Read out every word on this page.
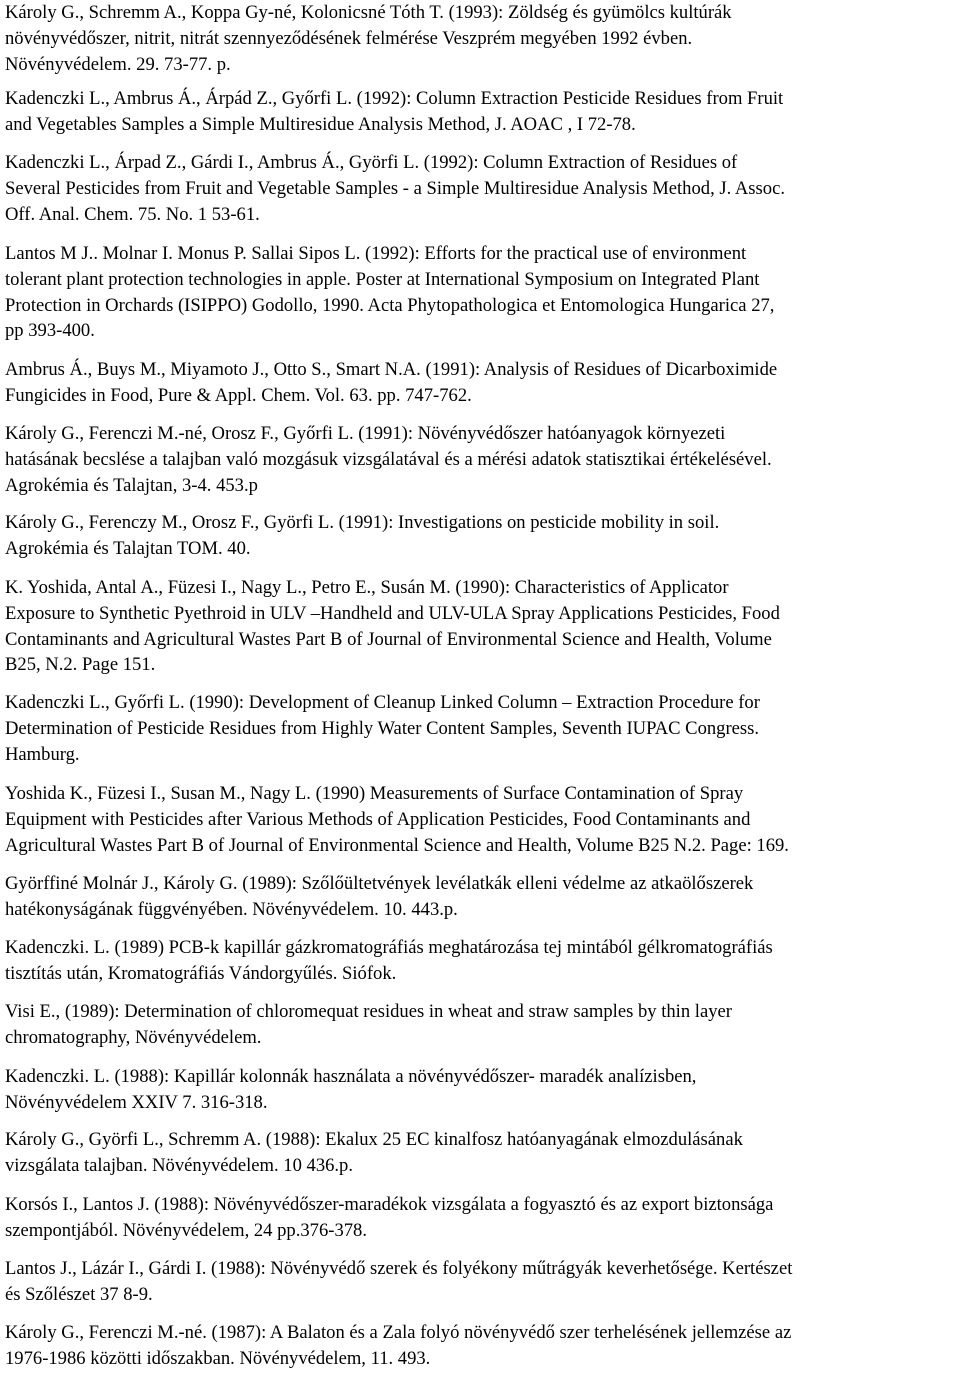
Károly G., Schremm A., Koppa Gy-né, Kolonicsné Tóth T. (1993): Zöldség és gyümölcs kultúrák
növényvédőszer, nitrit, nitrát szennyeződésének felmérése Veszprém megyében 1992 évben.
Növényvédelem. 29. 73-77. p.
Kadenczki L., Ambrus Á., Árpád Z., Győrfi L. (1992): Column Extraction Pesticide Residues from Fruit
and Vegetables Samples a Simple Multiresidue Analysis Method, J. AOAC , I 72-78.
Kadenczki L., Árpad Z., Gárdi I., Ambrus Á., Györfi L. (1992): Column Extraction of Residues of
Several Pesticides from Fruit and Vegetable Samples - a Simple Multiresidue Analysis Method, J. Assoc.
Off. Anal. Chem. 75. No. 1 53-61.
Lantos M J.. Molnar I. Monus P. Sallai Sipos L. (1992): Efforts for the practical use of environment
tolerant plant protection technologies in apple. Poster at International Symposium on Integrated Plant
Protection in Orchards (ISIPPO) Godollo, 1990. Acta Phytopathologica et Entomologica Hungarica 27,
pp 393-400.
Ambrus Á., Buys M., Miyamoto J., Otto S., Smart N.A. (1991): Analysis of Residues of Dicarboximide
Fungicides in Food, Pure & Appl. Chem. Vol. 63. pp. 747-762.
Károly G., Ferenczi M.-né, Orosz F., Győrfi L. (1991): Növényvédőszer hatóanyagok környezeti
hatásának becslése a talajban való mozgásuk vizsgálatával és a mérési adatok statisztikai értékelésével.
Agrokémia és Talajtan, 3-4. 453.p
Károly G., Ferenczy M., Orosz F., Györfi L. (1991): Investigations on pesticide mobility in soil.
Agrokémia és Talajtan TOM. 40.
K. Yoshida, Antal A., Füzesi I., Nagy L., Petro E., Susán M. (1990): Characteristics of Applicator
Exposure to Synthetic Pyethroid in ULV –Handheld and ULV-ULA Spray Applications Pesticides, Food
Contaminants and Agricultural Wastes Part B of Journal of Environmental Science and Health, Volume
B25, N.2. Page 151.
Kadenczki L., Győrfi L. (1990): Development of Cleanup Linked Column – Extraction Procedure for
Determination of Pesticide Residues from Highly Water Content Samples, Seventh IUPAC Congress.
Hamburg.
Yoshida K., Füzesi I., Susan M., Nagy L. (1990) Measurements of Surface Contamination of Spray
Equipment with Pesticides after Various Methods of Application Pesticides, Food Contaminants and
Agricultural Wastes Part B of Journal of Environmental Science and Health, Volume B25 N.2. Page: 169.
Györffiné Molnár J., Károly G. (1989): Szőlőültetvények levélatkák elleni védelme az atkaölőszerek
hatékonyságának függvényében. Növényvédelem. 10. 443.p.
Kadenczki. L. (1989) PCB-k kapillár gázkromatográfiás meghatározása tej mintából gélkromatográfiás
tisztítás után, Kromatográfiás Vándorgyűlés. Siófok.
Visi E., (1989): Determination of chloromequat residues in wheat and straw samples by thin layer
chromatography, Növényvédelem.
Kadenczki. L. (1988): Kapillár kolonnák használata a növényvédőszer- maradék analízisben,
Növényvédelem XXIV 7. 316-318.
Károly G., Györfi L., Schremm A. (1988): Ekalux 25 EC kinalfosz hatóanyagának elmozdulásának
vizsgálata talajban. Növényvédelem. 10 436.p.
Korsós I., Lantos J. (1988): Növényvédőszer-maradékok vizsgálata a fogyasztó és az export biztonsága
szempontjából. Növényvédelem, 24 pp.376-378.
Lantos J., Lázár I., Gárdi I. (1988): Növényvédő szerek és folyékony műtrágyák keverhetősége. Kertészet
és Szőlészet 37 8-9.
Károly G., Ferenczi M.-né. (1987): A Balaton és a Zala folyó növényvédő szer terhelésének jellemzése az
1976-1986 közötti időszakban. Növényvédelem, 11. 493.
